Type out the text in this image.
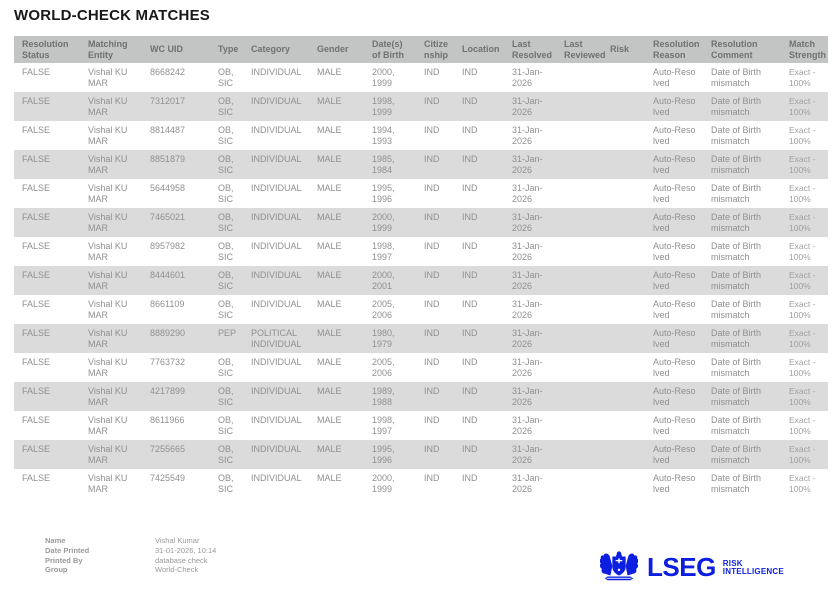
WORLD-CHECK MATCHES
Resolution Status	Matching Entity	WC UID	Type	Category	Gender	Date(s) of Birth	Citizenship	Location	Last Resolved	Last Reviewed	Risk	Resolution Reason	Resolution Comment	Match Strength
FALSE	Vishal KU MAR	8668242	OB, SIC	INDIVIDUAL	MALE	2000, 1999	IND	IND	31-Jan-2026			Auto-Resolved	Date of Birth mismatch	Exact - 100%
FALSE	Vishal KU MAR	7312017	OB, SIC	INDIVIDUAL	MALE	1998, 1999	IND	IND	31-Jan-2026			Auto-Resolved	Date of Birth mismatch	Exact - 100%
FALSE	Vishal KU MAR	8814487	OB, SIC	INDIVIDUAL	MALE	1994, 1993	IND	IND	31-Jan-2026			Auto-Resolved	Date of Birth mismatch	Exact - 100%
FALSE	Vishal KU MAR	8851879	OB, SIC	INDIVIDUAL	MALE	1985, 1984	IND	IND	31-Jan-2026			Auto-Resolved	Date of Birth mismatch	Exact - 100%
FALSE	Vishal KU MAR	5644958	OB, SIC	INDIVIDUAL	MALE	1995, 1996	IND	IND	31-Jan-2026			Auto-Resolved	Date of Birth mismatch	Exact - 100%
FALSE	Vishal KU MAR	7465021	OB, SIC	INDIVIDUAL	MALE	2000, 1999	IND	IND	31-Jan-2026			Auto-Resolved	Date of Birth mismatch	Exact - 100%
FALSE	Vishal KU MAR	8957982	OB, SIC	INDIVIDUAL	MALE	1998, 1997	IND	IND	31-Jan-2026			Auto-Resolved	Date of Birth mismatch	Exact - 100%
FALSE	Vishal KU MAR	8444601	OB, SIC	INDIVIDUAL	MALE	2000, 2001	IND	IND	31-Jan-2026			Auto-Resolved	Date of Birth mismatch	Exact - 100%
FALSE	Vishal KU MAR	8661109	OB, SIC	INDIVIDUAL	MALE	2005, 2006	IND	IND	31-Jan-2026			Auto-Resolved	Date of Birth mismatch	Exact - 100%
FALSE	Vishal KU MAR	8889290	PEP	POLITICAL INDIVIDUAL	MALE	1980, 1979	IND	IND	31-Jan-2026			Auto-Resolved	Date of Birth mismatch	Exact - 100%
FALSE	Vishal KU MAR	7763732	OB, SIC	INDIVIDUAL	MALE	2005, 2006	IND	IND	31-Jan-2026			Auto-Resolved	Date of Birth mismatch	Exact - 100%
FALSE	Vishal KU MAR	4217899	OB, SIC	INDIVIDUAL	MALE	1989, 1988	IND	IND	31-Jan-2026			Auto-Resolved	Date of Birth mismatch	Exact - 100%
FALSE	Vishal KU MAR	8611966	OB, SIC	INDIVIDUAL	MALE	1998, 1997	IND	IND	31-Jan-2026			Auto-Resolved	Date of Birth mismatch	Exact - 100%
FALSE	Vishal KU MAR	7255665	OB, SIC	INDIVIDUAL	MALE	1995, 1996	IND	IND	31-Jan-2026			Auto-Resolved	Date of Birth mismatch	Exact - 100%
FALSE	Vishal KU MAR	7425549	OB, SIC	INDIVIDUAL	MALE	2000, 1999	IND	IND	31-Jan-2026			Auto-Resolved	Date of Birth mismatch	Exact - 100%
Name	Vishal Kumar
Date Printed	31-01-2026, 10:14
Printed By	database check
Group	World-Check	LSEG RISK
INTELLIGENCE
